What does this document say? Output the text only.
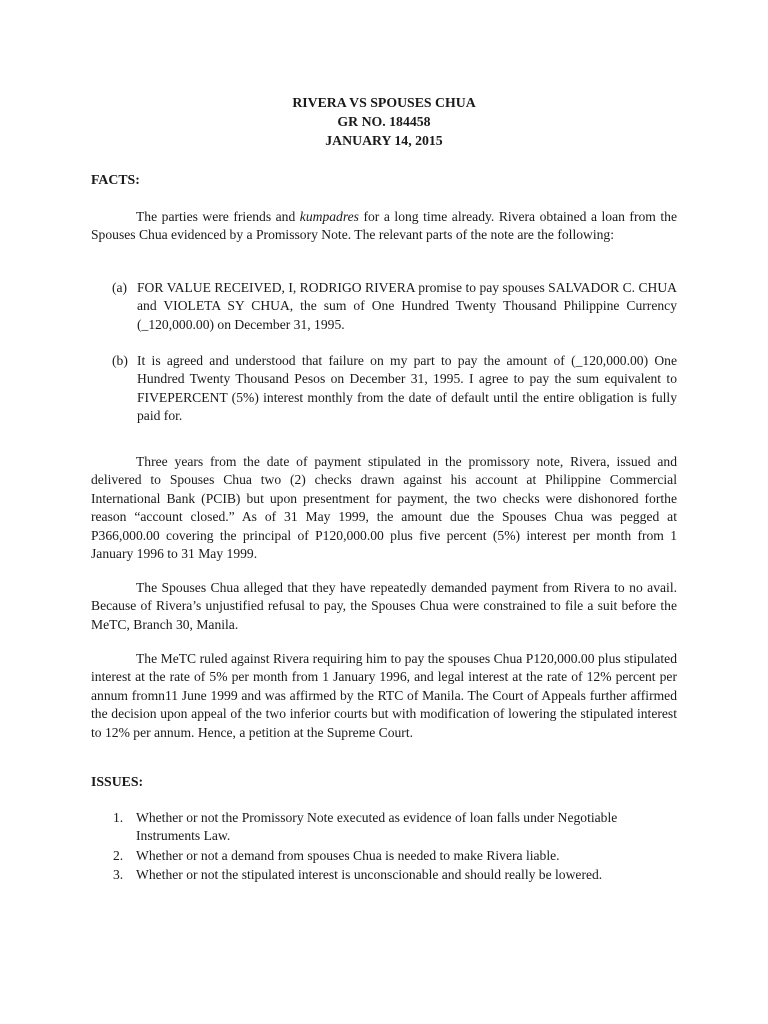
RIVERA VS SPOUSES CHUA
GR NO. 184458
JANUARY 14, 2015
FACTS:

The parties were friends and kumpadres for a long time already. Rivera obtained a loan from the Spouses Chua evidenced by a Promissory Note. The relevant parts of the note are the following:

(a) FOR VALUE RECEIVED, I, RODRIGO RIVERA promise to pay spouses SALVADOR C. CHUA and VIOLETA SY CHUA, the sum of One Hundred Twenty Thousand Philippine Currency (_120,000.00) on December 31, 1995.
(b) It is agreed and understood that failure on my part to pay the amount of (_120,000.00) One Hundred Twenty Thousand Pesos on December 31, 1995. I agree to pay the sum equivalent to FIVEPERCENT (5%) interest monthly from the date of default until the entire obligation is fully paid for.

Three years from the date of payment stipulated in the promissory note, Rivera, issued and delivered to Spouses Chua two (2) checks drawn against his account at Philippine Commercial International Bank (PCIB) but upon presentment for payment, the two checks were dishonored forthe reason “account closed.” As of 31 May 1999, the amount due the Spouses Chua was pegged at P366,000.00 covering the principal of P120,000.00 plus five percent (5%) interest per month from 1 January 1996 to 31 May 1999.

The Spouses Chua alleged that they have repeatedly demanded payment from Rivera to no avail. Because of Rivera’s unjustified refusal to pay, the Spouses Chua were constrained to file a suit before the MeTC, Branch 30, Manila.

The MeTC ruled against Rivera requiring him to pay the spouses Chua P120,000.00 plus stipulated interest at the rate of 5% per month from 1 January 1996, and legal interest at the rate of 12% percent per annum fromn11 June 1999 and was affirmed by the RTC of Manila. The Court of Appeals further affirmed the decision upon appeal of the two inferior courts but with modification of lowering the stipulated interest to 12% per annum. Hence, a petition at the Supreme Court.

ISSUES:
1. Whether or not the Promissory Note executed as evidence of loan falls under Negotiable Instruments Law.
2. Whether or not a demand from spouses Chua is needed to make Rivera liable.
3. Whether or not the stipulated interest is unconscionable and should really be lowered.
